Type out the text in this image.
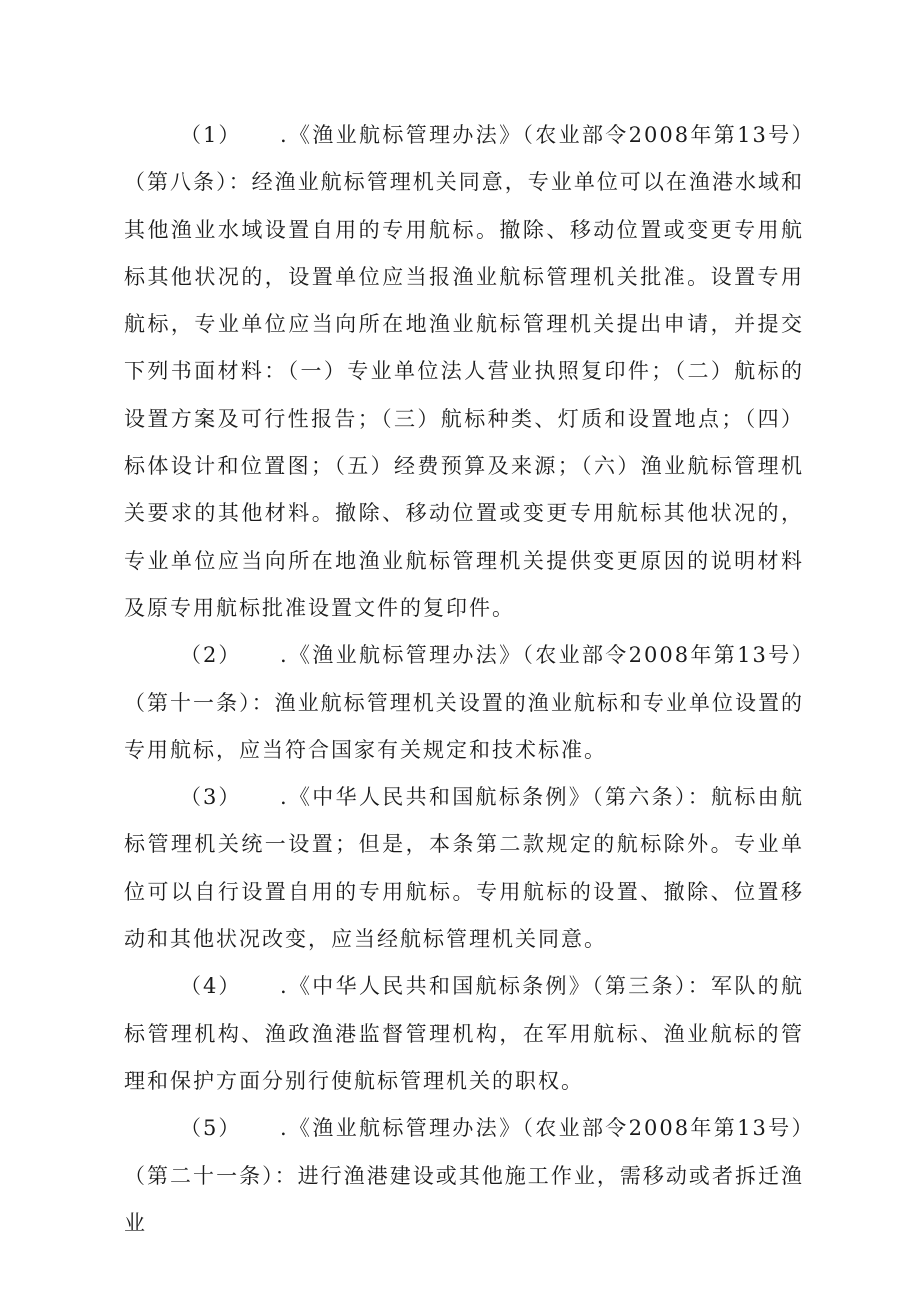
（1） .《渔业航标管理办法》（农业部令2008年第13号）（第八条）：经渔业航标管理机关同意，专业单位可以在渔港水域和其他渔业水域设置自用的专用航标。撤除、移动位置或变更专用航标其他状况的，设置单位应当报渔业航标管理机关批准。设置专用航标，专业单位应当向所在地渔业航标管理机关提出申请，并提交下列书面材料：（一）专业单位法人营业执照复印件；（二）航标的设置方案及可行性报告；（三）航标种类、灯质和设置地点；（四）标体设计和位置图；（五）经费预算及来源；（六）渔业航标管理机关要求的其他材料。撤除、移动位置或变更专用航标其他状况的，专业单位应当向所在地渔业航标管理机关提供变更原因的说明材料及原专用航标批准设置文件的复印件。

（2） .《渔业航标管理办法》（农业部令2008年第13号）（第十一条）：渔业航标管理机关设置的渔业航标和专业单位设置的专用航标，应当符合国家有关规定和技术标准。

（3） .《中华人民共和国航标条例》（第六条）：航标由航标管理机关统一设置；但是，本条第二款规定的航标除外。专业单位可以自行设置自用的专用航标。专用航标的设置、撤除、位置移动和其他状况改变，应当经航标管理机关同意。

（4） .《中华人民共和国航标条例》（第三条）：军队的航标管理机构、渔政渔港监督管理机构，在军用航标、渔业航标的管理和保护方面分别行使航标管理机关的职权。

（5） .《渔业航标管理办法》（农业部令2008年第13号）（第二十一条）：进行渔港建设或其他施工作业，需移动或者拆迁渔业
